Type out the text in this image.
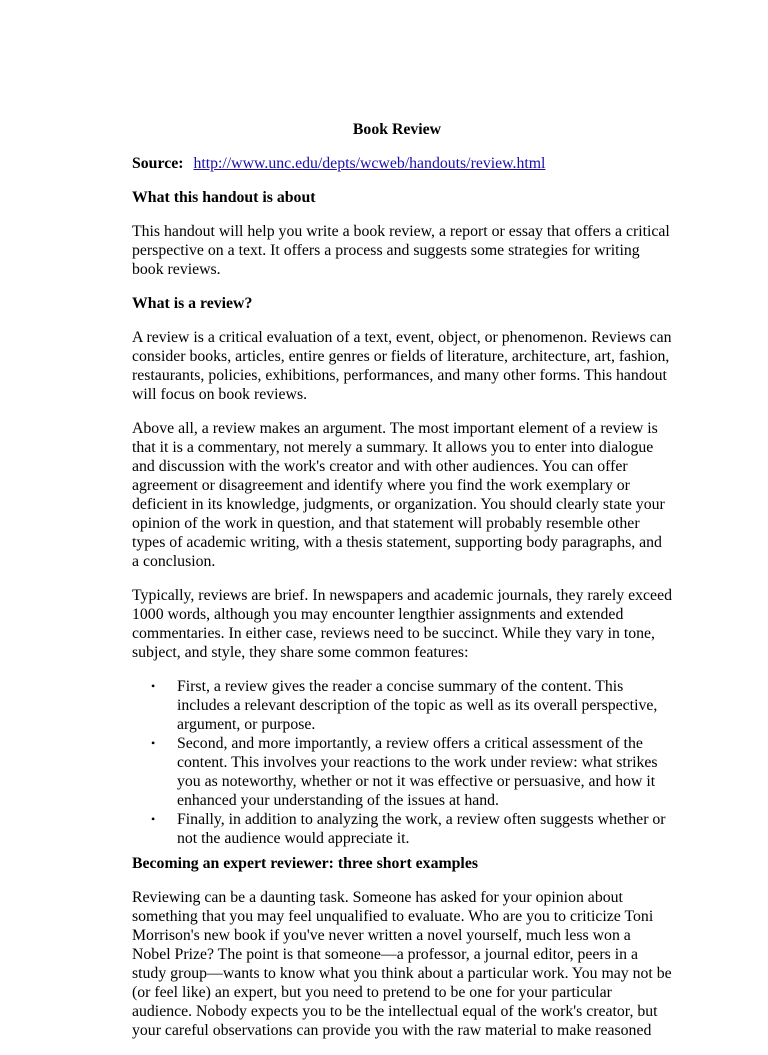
Book Review

Source: http://www.unc.edu/depts/wcweb/handouts/review.html

What this handout is about

This handout will help you write a book review, a report or essay that offers a critical perspective on a text. It offers a process and suggests some strategies for writing book reviews.

What is a review?

A review is a critical evaluation of a text, event, object, or phenomenon. Reviews can consider books, articles, entire genres or fields of literature, architecture, art, fashion, restaurants, policies, exhibitions, performances, and many other forms. This handout will focus on book reviews.

Above all, a review makes an argument. The most important element of a review is that it is a commentary, not merely a summary. It allows you to enter into dialogue and discussion with the work's creator and with other audiences. You can offer agreement or disagreement and identify where you find the work exemplary or deficient in its knowledge, judgments, or organization. You should clearly state your opinion of the work in question, and that statement will probably resemble other types of academic writing, with a thesis statement, supporting body paragraphs, and a conclusion.

Typically, reviews are brief. In newspapers and academic journals, they rarely exceed 1000 words, although you may encounter lengthier assignments and extended commentaries. In either case, reviews need to be succinct. While they vary in tone, subject, and style, they share some common features:

• First, a review gives the reader a concise summary of the content. This includes a relevant description of the topic as well as its overall perspective, argument, or purpose.
• Second, and more importantly, a review offers a critical assessment of the content. This involves your reactions to the work under review: what strikes you as noteworthy, whether or not it was effective or persuasive, and how it enhanced your understanding of the issues at hand.
• Finally, in addition to analyzing the work, a review often suggests whether or not the audience would appreciate it.
Becoming an expert reviewer: three short examples

Reviewing can be a daunting task. Someone has asked for your opinion about something that you may feel unqualified to evaluate. Who are you to criticize Toni Morrison's new book if you've never written a novel yourself, much less won a Nobel Prize? The point is that someone—a professor, a journal editor, peers in a study group—wants to know what you think about a particular work. You may not be (or feel like) an expert, but you need to pretend to be one for your particular audience. Nobody expects you to be the intellectual equal of the work's creator, but your careful observations can provide you with the raw material to make reasoned
